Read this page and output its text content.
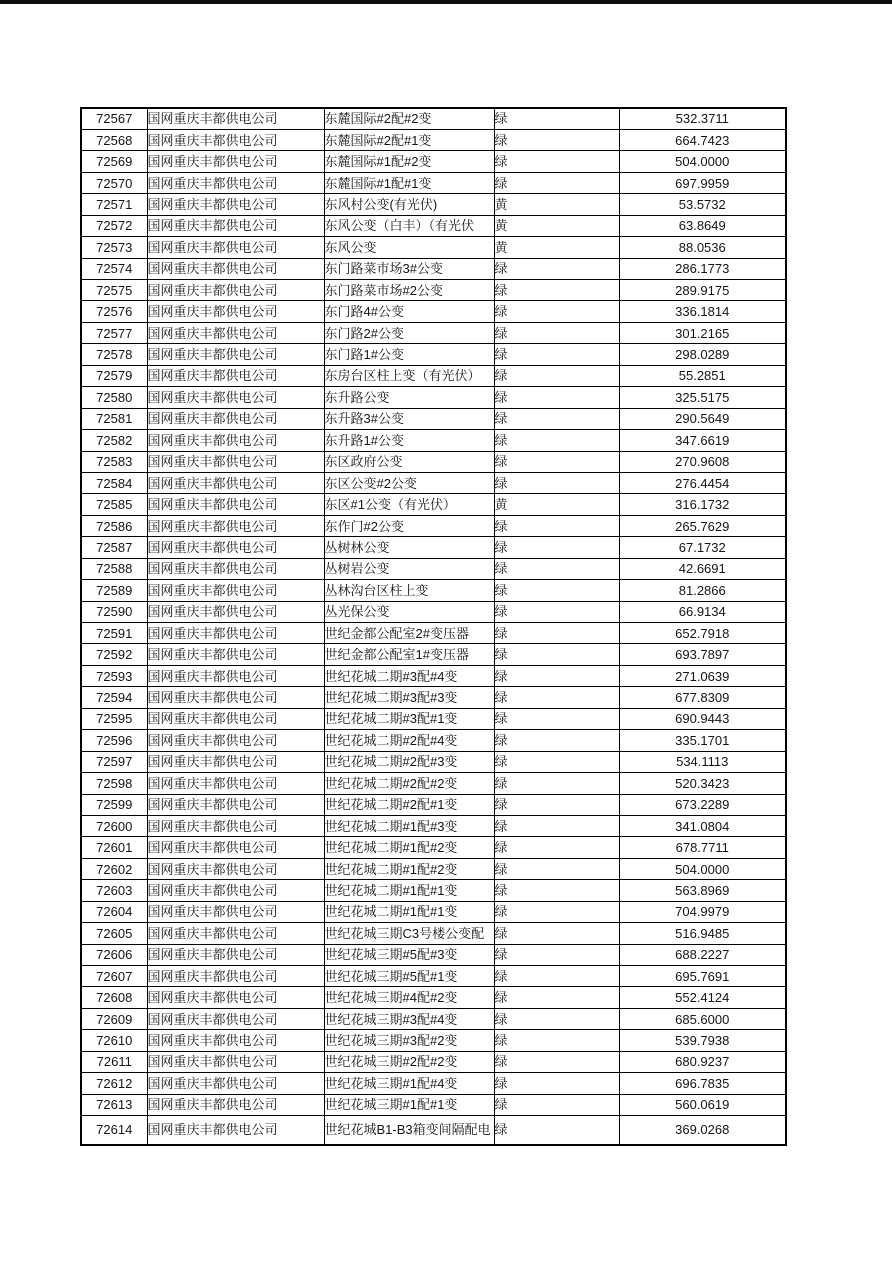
72567	国网重庆丰都供电公司	东麓国际#2配#2变	绿	532.3711
72568	国网重庆丰都供电公司	东麓国际#2配#1变	绿	664.7423
72569	国网重庆丰都供电公司	东麓国际#1配#2变	绿	504.0000
72570	国网重庆丰都供电公司	东麓国际#1配#1变	绿	697.9959
72571	国网重庆丰都供电公司	东风村公变(有光伏)	黄	53.5732
72572	国网重庆丰都供电公司	东风公变（白丰）（有光伏	黄	63.8649
72573	国网重庆丰都供电公司	东风公变	黄	88.0536
72574	国网重庆丰都供电公司	东门路菜市场3#公变	绿	286.1773
72575	国网重庆丰都供电公司	东门路菜市场#2公变	绿	289.9175
72576	国网重庆丰都供电公司	东门路4#公变	绿	336.1814
72577	国网重庆丰都供电公司	东门路2#公变	绿	301.2165
72578	国网重庆丰都供电公司	东门路1#公变	绿	298.0289
72579	国网重庆丰都供电公司	东房台区柱上变（有光伏）	绿	55.2851
72580	国网重庆丰都供电公司	东升路公变	绿	325.5175
72581	国网重庆丰都供电公司	东升路3#公变	绿	290.5649
72582	国网重庆丰都供电公司	东升路1#公变	绿	347.6619
72583	国网重庆丰都供电公司	东区政府公变	绿	270.9608
72584	国网重庆丰都供电公司	东区公变#2公变	绿	276.4454
72585	国网重庆丰都供电公司	东区#1公变（有光伏）	黄	316.1732
72586	国网重庆丰都供电公司	东作门#2公变	绿	265.7629
72587	国网重庆丰都供电公司	丛树林公变	绿	67.1732
72588	国网重庆丰都供电公司	丛树岩公变	绿	42.6691
72589	国网重庆丰都供电公司	丛林沟台区柱上变	绿	81.2866
72590	国网重庆丰都供电公司	丛光保公变	绿	66.9134
72591	国网重庆丰都供电公司	世纪金都公配室2#变压器	绿	652.7918
72592	国网重庆丰都供电公司	世纪金都公配室1#变压器	绿	693.7897
72593	国网重庆丰都供电公司	世纪花城二期#3配#4变	绿	271.0639
72594	国网重庆丰都供电公司	世纪花城二期#3配#3变	绿	677.8309
72595	国网重庆丰都供电公司	世纪花城二期#3配#1变	绿	690.9443
72596	国网重庆丰都供电公司	世纪花城二期#2配#4变	绿	335.1701
72597	国网重庆丰都供电公司	世纪花城二期#2配#3变	绿	534.1113
72598	国网重庆丰都供电公司	世纪花城二期#2配#2变	绿	520.3423
72599	国网重庆丰都供电公司	世纪花城二期#2配#1变	绿	673.2289
72600	国网重庆丰都供电公司	世纪花城二期#1配#3变	绿	341.0804
72601	国网重庆丰都供电公司	世纪花城二期#1配#2变	绿	678.7711
72602	国网重庆丰都供电公司	世纪花城二期#1配#2变	绿	504.0000
72603	国网重庆丰都供电公司	世纪花城二期#1配#1变	绿	563.8969
72604	国网重庆丰都供电公司	世纪花城二期#1配#1变	绿	704.9979
72605	国网重庆丰都供电公司	世纪花城三期C3号楼公变配	绿	516.9485
72606	国网重庆丰都供电公司	世纪花城三期#5配#3变	绿	688.2227
72607	国网重庆丰都供电公司	世纪花城三期#5配#1变	绿	695.7691
72608	国网重庆丰都供电公司	世纪花城三期#4配#2变	绿	552.4124
72609	国网重庆丰都供电公司	世纪花城三期#3配#4变	绿	685.6000
72610	国网重庆丰都供电公司	世纪花城三期#3配#2变	绿	539.7938
72611	国网重庆丰都供电公司	世纪花城三期#2配#2变	绿	680.9237
72612	国网重庆丰都供电公司	世纪花城三期#1配#4变	绿	696.7835
72613	国网重庆丰都供电公司	世纪花城三期#1配#1变	绿	560.0619
72614	国网重庆丰都供电公司	世纪花城B1-B3箱变间隔配电	绿	369.0268
